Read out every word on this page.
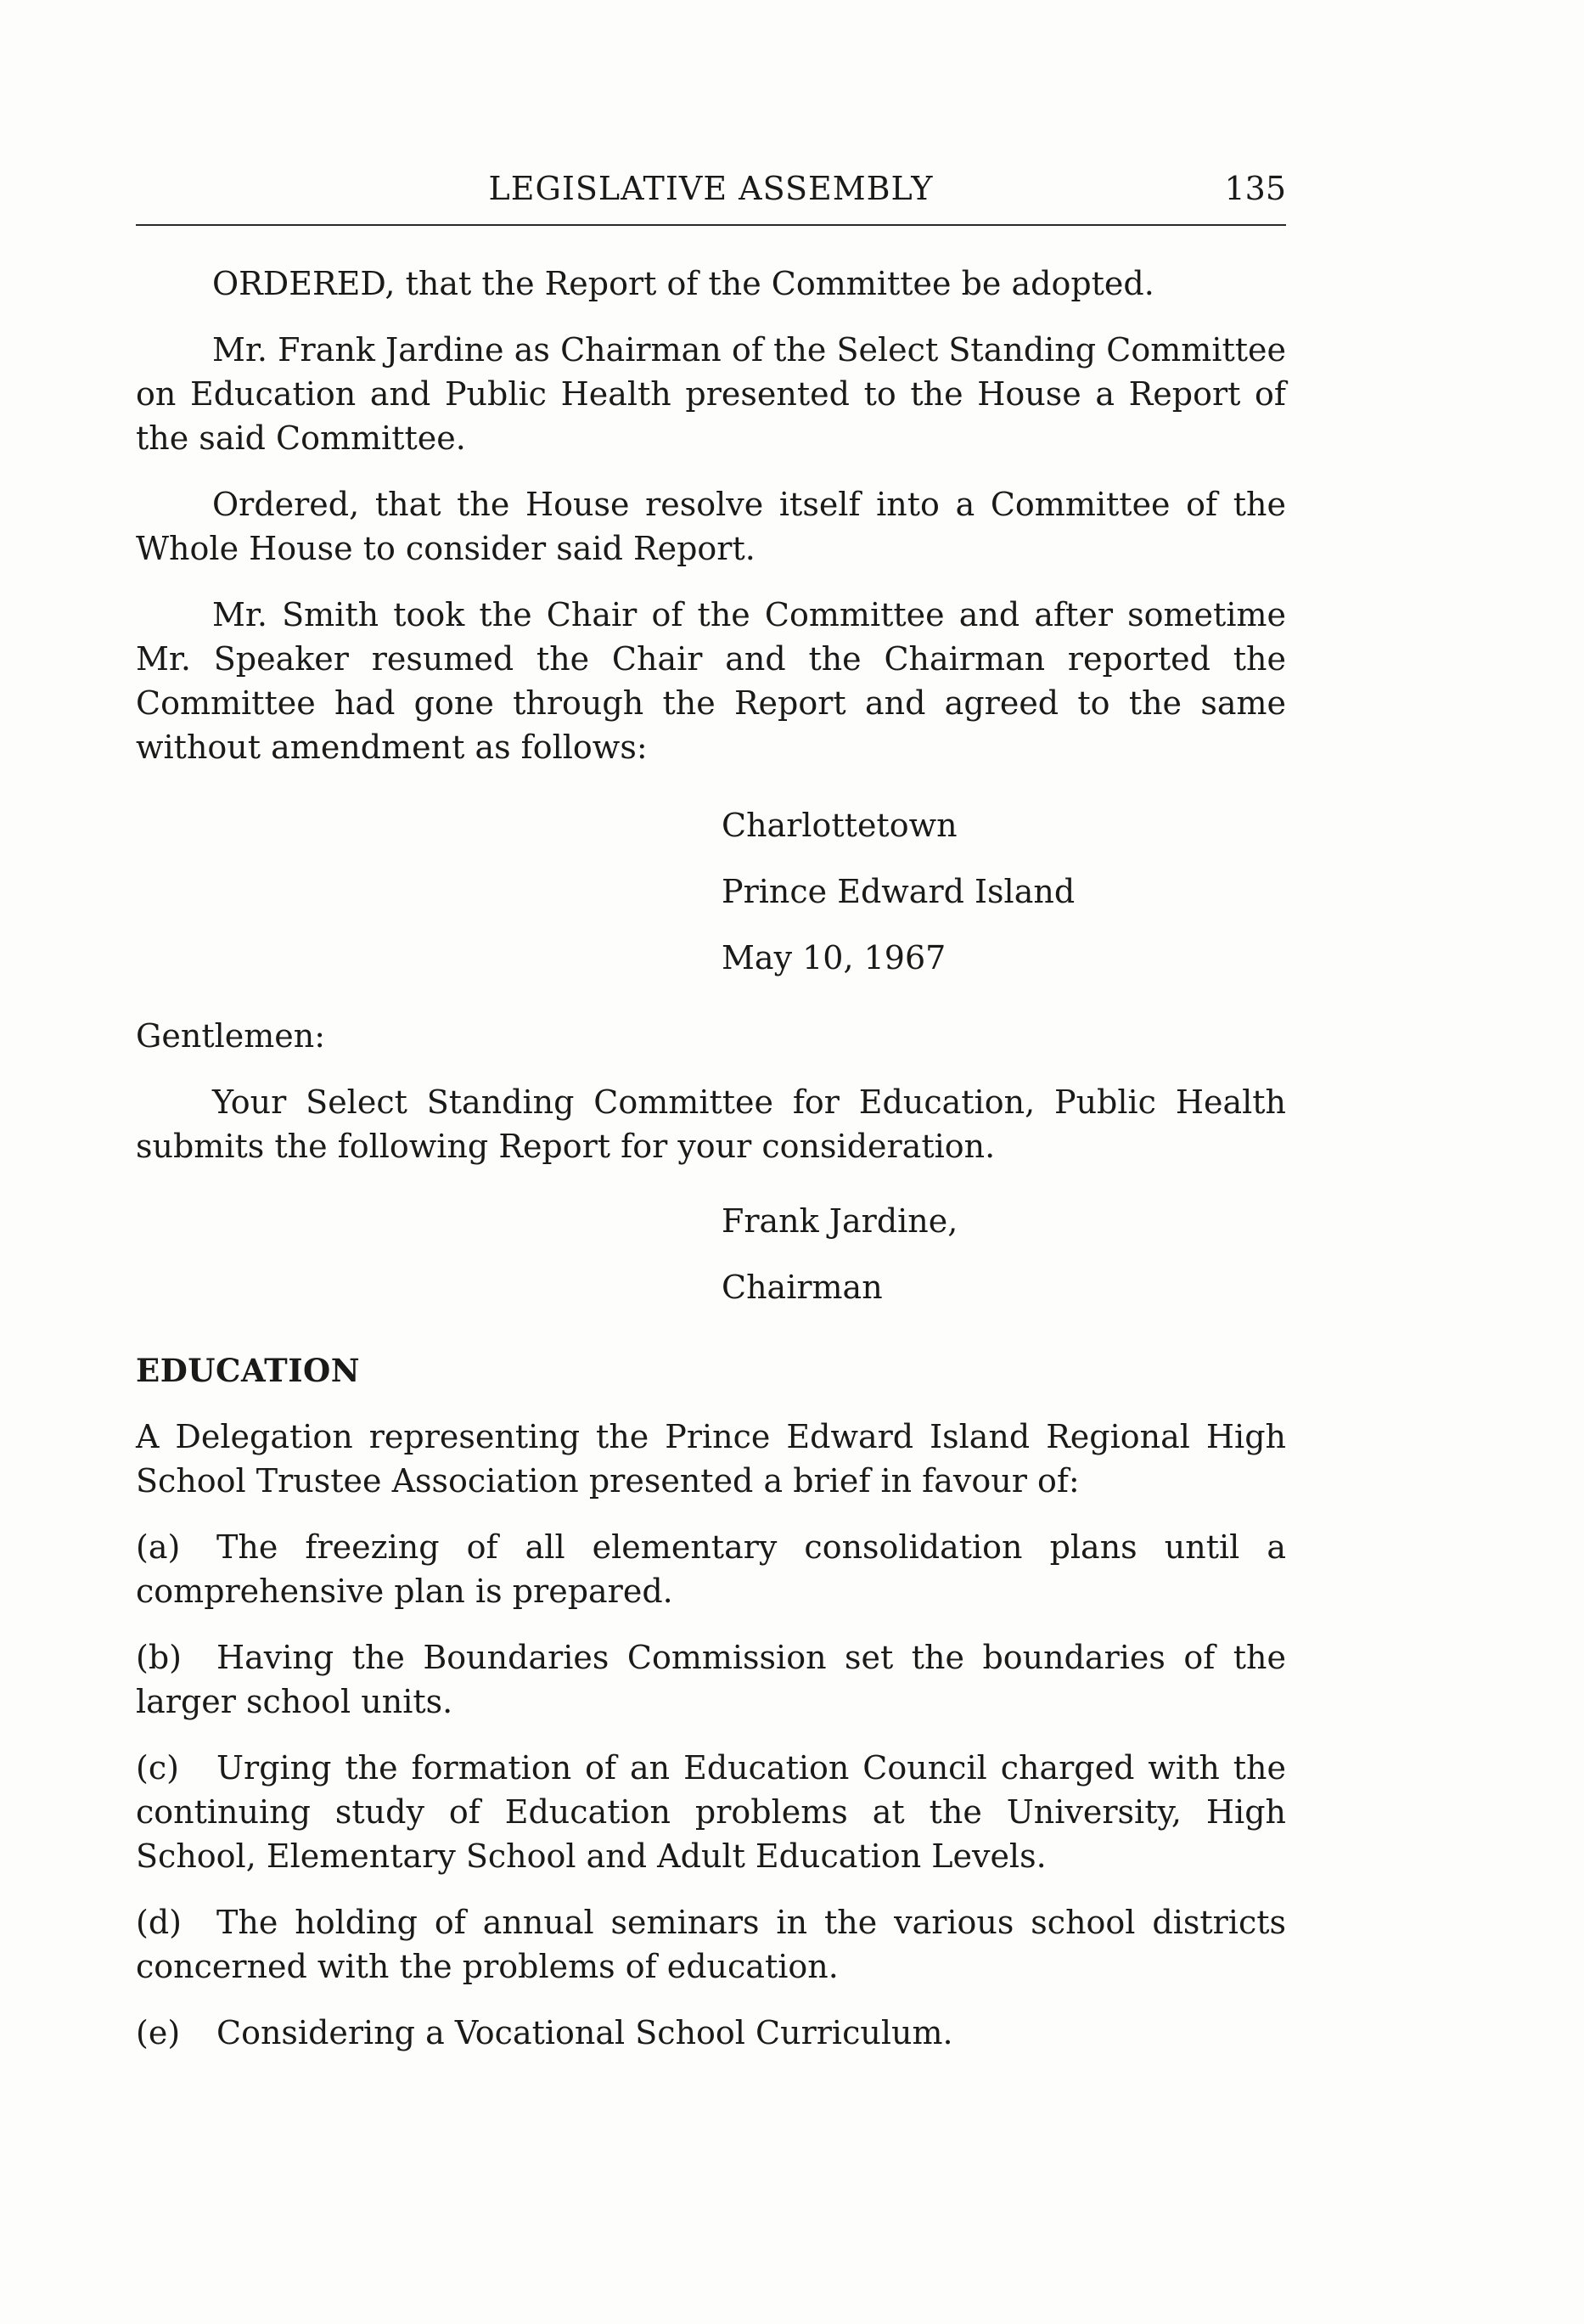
LEGISLATIVE ASSEMBLY	135

ORDERED, that the Report of the Committee be adopted.

Mr. Frank Jardine as Chairman of the Select Standing Committee on Education and Public Health presented to the House a Report of the said Committee.

Ordered, that the House resolve itself into a Committee of the Whole House to consider said Report.

Mr. Smith took the Chair of the Committee and after sometime Mr. Speaker resumed the Chair and the Chairman reported the Committee had gone through the Report and agreed to the same without amendment as follows:

Charlottetown

Prince Edward Island

May 10, 1967

Gentlemen:

Your Select Standing Committee for Education, Public Health submits the following Report for your consideration.

Frank Jardine,

Chairman

EDUCATION

A Delegation representing the Prince Edward Island Regional High School Trustee Association presented a brief in favour of:

(a) The freezing of all elementary consolidation plans until a comprehensive plan is prepared.

(b) Having the Boundaries Commission set the boundaries of the larger school units.

(c) Urging the formation of an Education Council charged with the continuing study of Education problems at the University, High School, Elementary School and Adult Education Levels.

(d) The holding of annual seminars in the various school districts concerned with the problems of education.

(e) Considering a Vocational School Curriculum.
